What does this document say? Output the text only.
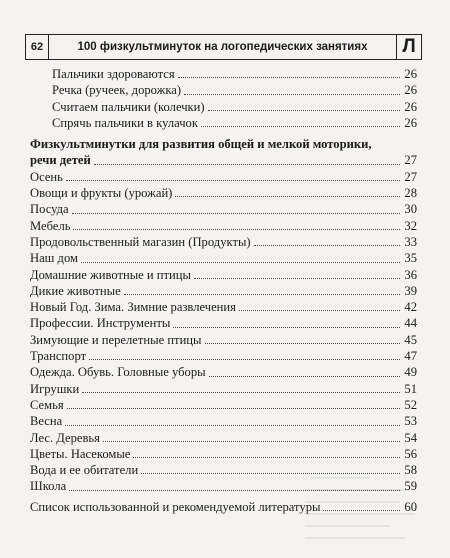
62	100 физкультминуток на логопедических занятиях	Л
Пальчики здороваются	26
Речка (ручеек, дорожка)	26
Считаем пальчики (колечки)	26
Спрячь пальчики в кулачок	26
Физкультминутки для развития общей и мелкой моторики,
речи детей	27
Осень	27
Овощи и фрукты (урожай)	28
Посуда	30
Мебель	32
Продовольственный магазин (Продукты)	33
Наш дом	35
Домашние животные и птицы	36
Дикие животные	39
Новый Год. Зима. Зимние развлечения	42
Профессии. Инструменты	44
Зимующие и перелетные птицы	45
Транспорт	47
Одежда. Обувь. Головные уборы	49
Игрушки	51
Семья	52
Весна	53
Лес. Деревья	54
Цветы. Насекомые	56
Вода и ее обитатели	58
Школа	59
Список использованной и рекомендуемой литературы	60
